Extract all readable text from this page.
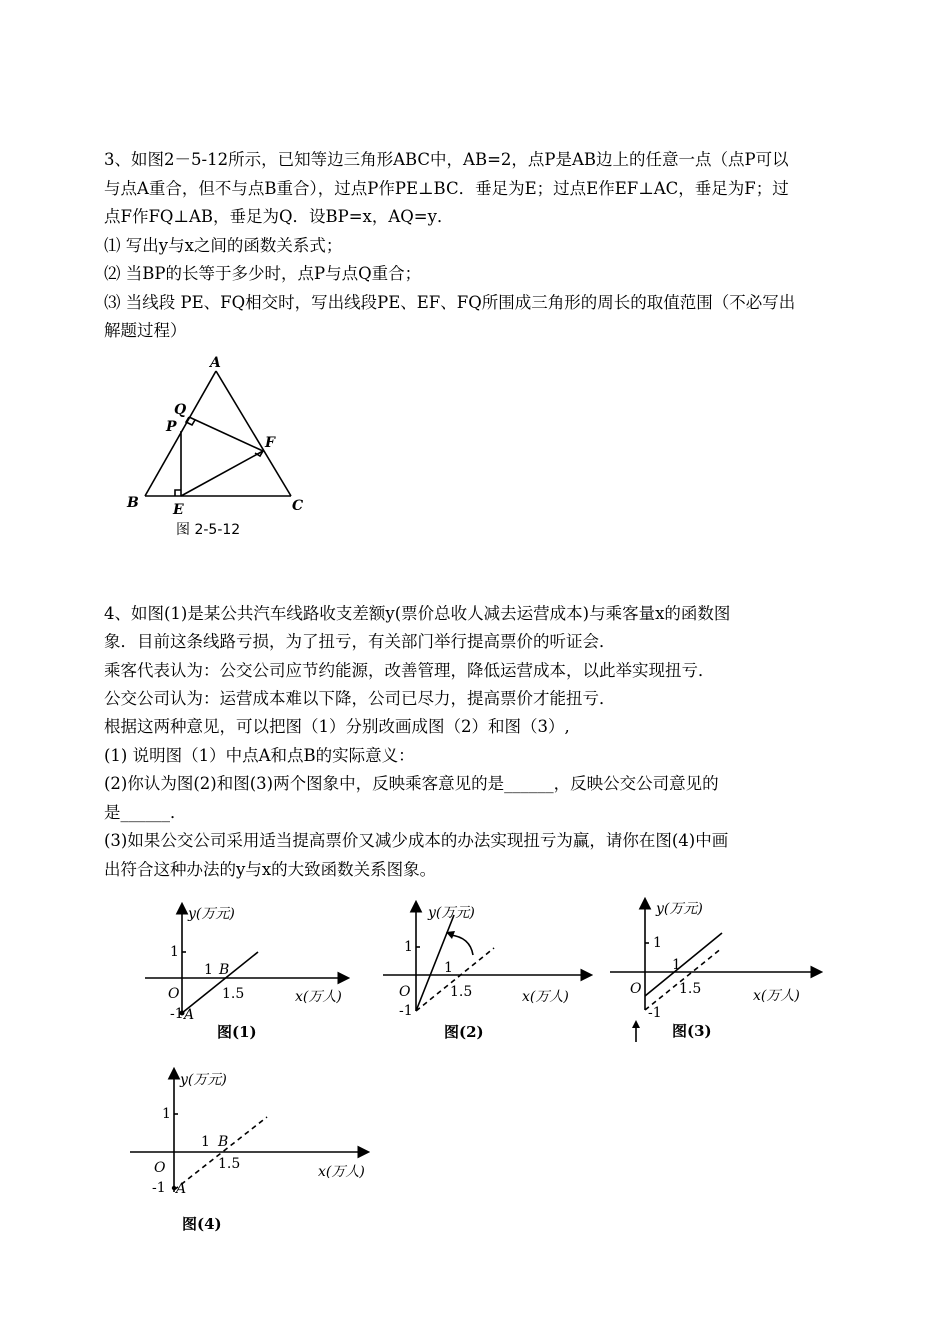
3、如图2－5-12所示，已知等边三角形ABC中，AB=2，点P是AB边上的任意一点（点P可以
与点A重合，但不与点B重合），过点P作PE⊥BC．垂足为E；过点E作EF⊥AC，垂足为F；过
点F作FQ⊥AB，垂足为Q．设BP=x，AQ=y．
⑴ 写出y与x之间的函数关系式；
⑵ 当BP的长等于多少时，点P与点Q重合；
⑶ 当线段 PE、FQ相交时，写出线段PE、EF、FQ所围成三角形的周长的取值范围（不必写出
解题过程）
A
Q
P
F
B E	C
图 2-5-12
4、如图(1)是某公共汽车线路收支差额y(票价总收人减去运营成本)与乘客量x的函数图
象．目前这条线路亏损，为了扭亏，有关部门举行提高票价的听证会．
乘客代表认为：公交公司应节约能源，改善管理，降低运营成本，以此举实现扭亏．
公交公司认为：运营成本难以下降，公司已尽力，提高票价才能扭亏．
根据这两种意见，可以把图（1）分别改画成图（2）和图（3）,
(1) 说明图（1）中点A和点B的实际意义：
(2)你认为图(2)和图(3)两个图象中，反映乘客意见的是______，反映公交公司意见的
是______．
(3)如果公交公司采用适当提高票价又减少成本的办法实现扭亏为赢，请你在图(4)中画
出符合这种办法的y与x的大致函数关系图象。
y(万元)
1
1 B
O	1.5	x(万人)
-1 A
图(1)
y(万元)
1
1
O	1.5	x(万人)
-1
图(2)
y(万元)
1
1
O	1.5	x(万人)
-1
图(3)
y(万元)
1
1 B
O	1.5	x(万人)
-1 A
图(4)
